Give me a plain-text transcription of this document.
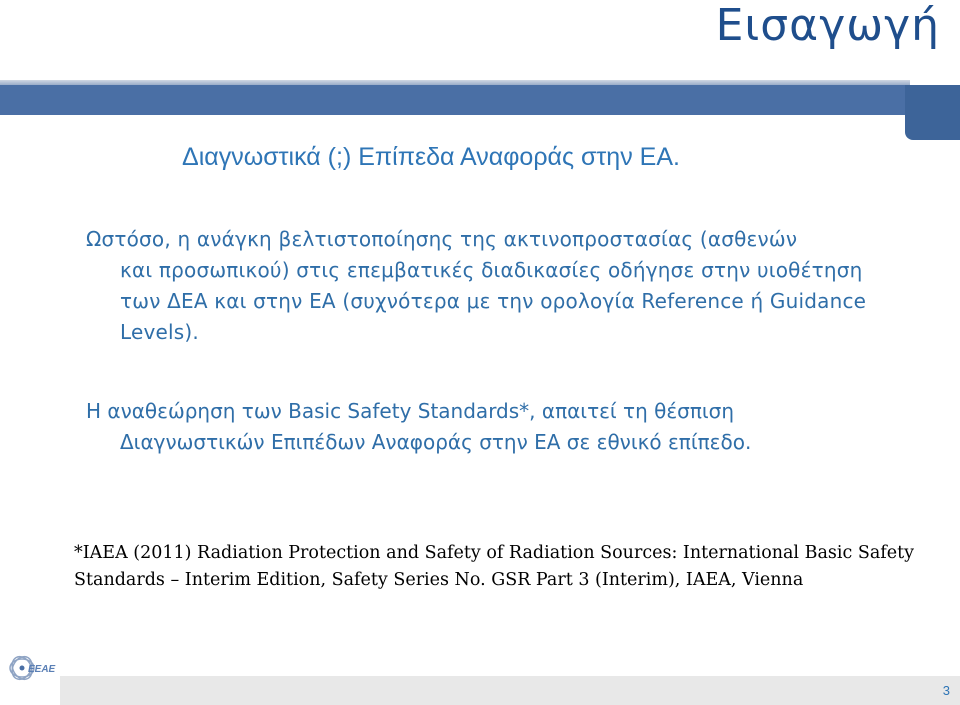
Εισαγωγή
Διαγνωστικά (;) Επίπεδα Αναφοράς στην ΕΑ.
Ωστόσο, η ανάγκη βελτιστοποίησης της ακτινοπροστασίας (ασθενών
και προσωπικού) στις επεμβατικές διαδικασίες οδήγησε στην υιοθέτηση των ΔΕΑ και στην ΕΑ (συχνότερα με την ορολογία Reference ή Guidance Levels).
Η αναθεώρηση των Basic Safety Standards*, απαιτεί τη θέσπιση
Διαγνωστικών Επιπέδων Αναφοράς στην ΕΑ σε εθνικό επίπεδο.
*IAEA (2011) Radiation Protection and Safety of Radiation Sources: International Basic Safety Standards – Interim Edition, Safety Series No. GSR Part 3 (Interim), IAEA, Vienna
ΕΕΑΕ
3
